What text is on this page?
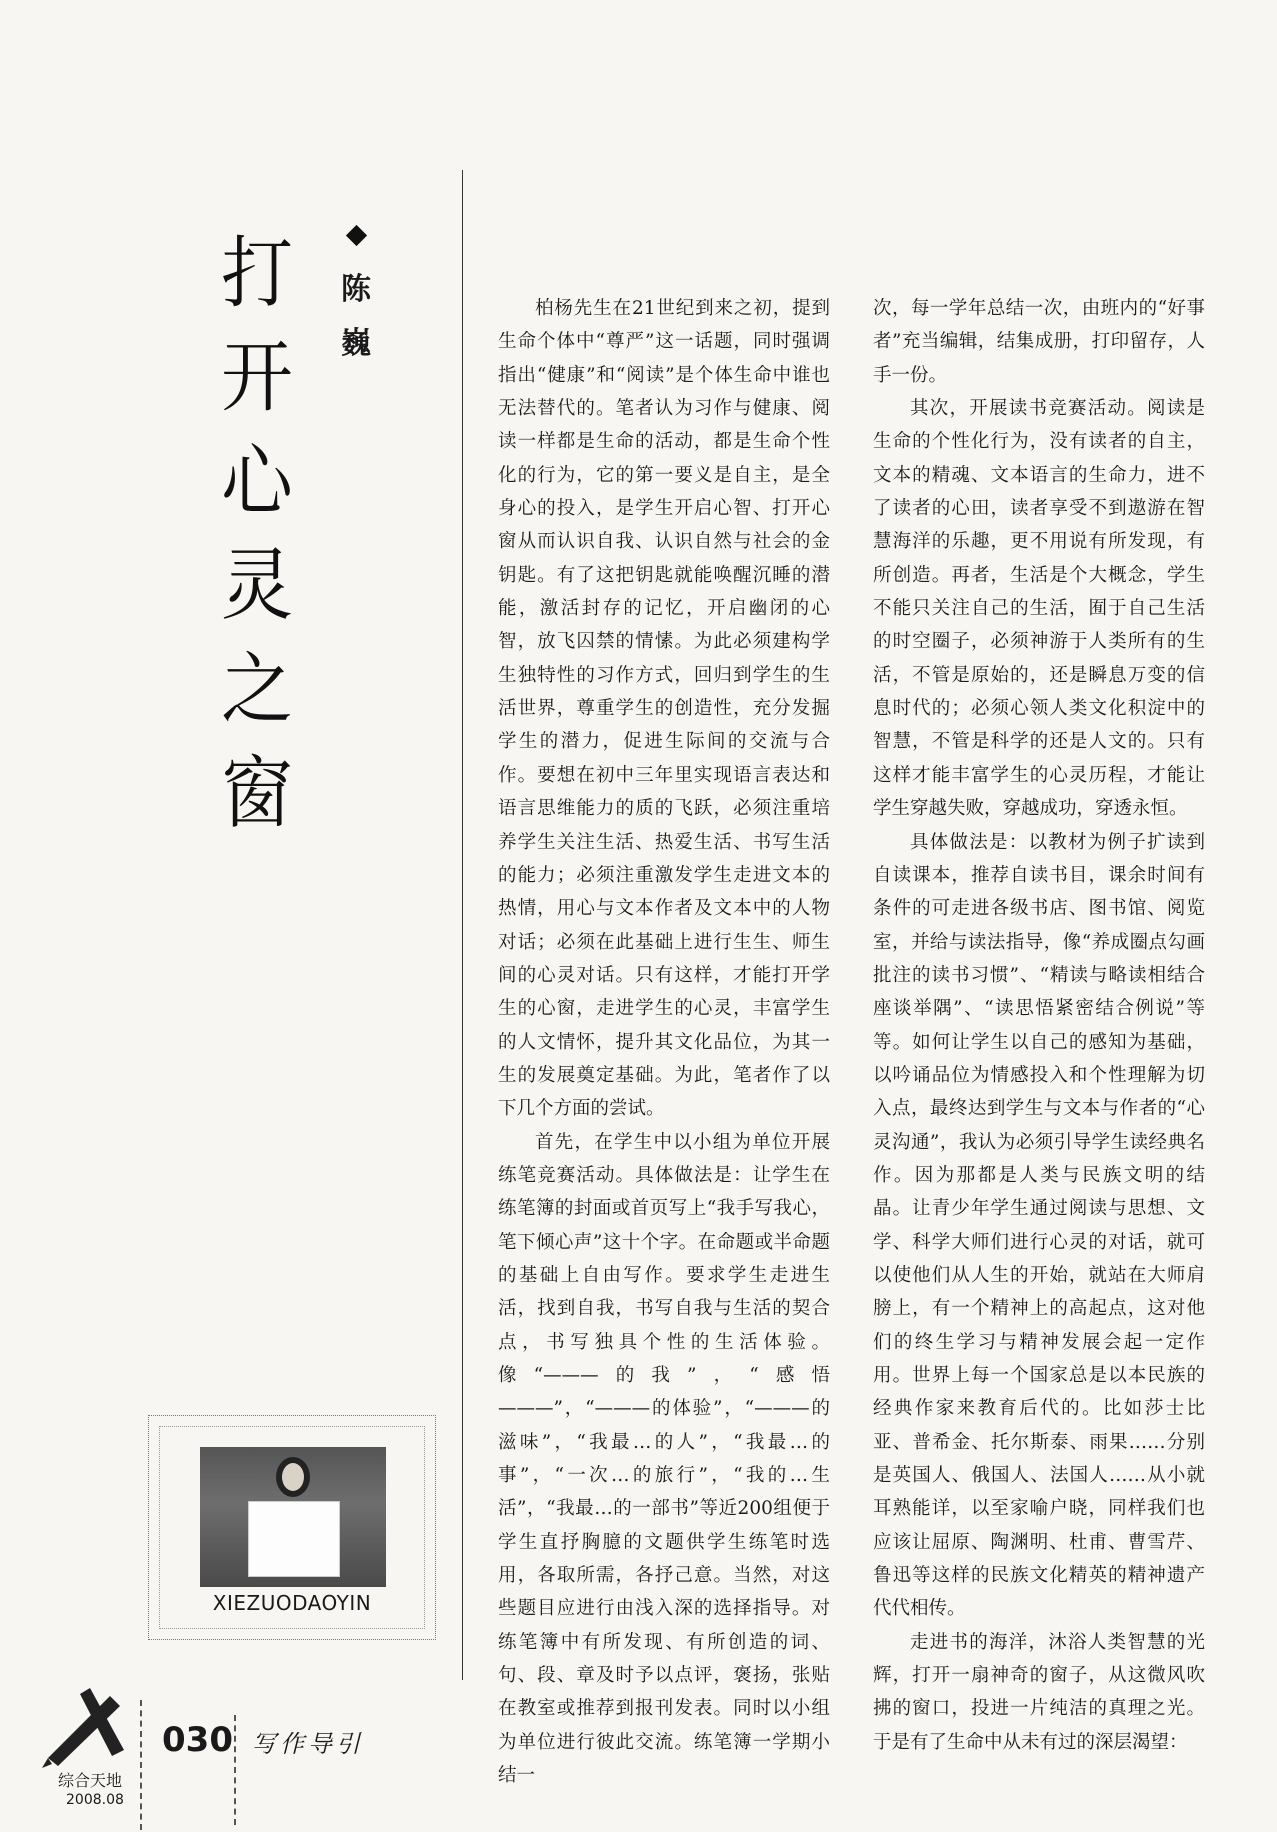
打
开
心
灵
之
窗
陈
巍

柏杨先生在21世纪到来之初，提到生命个体中“尊严”这一话题，同时强调指出“健康”和“阅读”是个体生命中谁也无法替代的。笔者认为习作与健康、阅读一样都是生命的活动，都是生命个性化的行为，它的第一要义是自主，是全身心的投入，是学生开启心智、打开心窗从而认识自我、认识自然与社会的金钥匙。有了这把钥匙就能唤醒沉睡的潜能，激活封存的记忆，开启幽闭的心智，放飞囚禁的情愫。为此必须建构学生独特性的习作方式，回归到学生的生活世界，尊重学生的创造性，充分发掘学生的潜力，促进生际间的交流与合作。要想在初中三年里实现语言表达和语言思维能力的质的飞跃，必须注重培养学生关注生活、热爱生活、书写生活的能力；必须注重激发学生走进文本的热情，用心与文本作者及文本中的人物对话；必须在此基础上进行生生、师生间的心灵对话。只有这样，才能打开学生的心窗，走进学生的心灵，丰富学生的人文情怀，提升其文化品位，为其一生的发展奠定基础。为此，笔者作了以下几个方面的尝试。

首先，在学生中以小组为单位开展练笔竞赛活动。具体做法是：让学生在练笔簿的封面或首页写上“我手写我心，笔下倾心声”这十个字。在命题或半命题的基础上自由写作。要求学生走进生活，找到自我，书写自我与生活的契合点，书写独具个性的生活体验。像“———的我”，“感悟———”，“———的体验”，“———的滋味”，“我最…的人”，“我最…的事”，“一次…的旅行”，“我的…生活”，“我最…的一部书”等近200组便于学生直抒胸臆的文题供学生练笔时选用，各取所需，各抒己意。当然，对这些题目应进行由浅入深的选择指导。对练笔簿中有所发现、有所创造的词、句、段、章及时予以点评，褒扬，张贴在教室或推荐到报刊发表。同时以小组为单位进行彼此交流。练笔簿一学期小结一

次，每一学年总结一次，由班内的“好事者”充当编辑，结集成册，打印留存，人手一份。

其次，开展读书竞赛活动。阅读是生命的个性化行为，没有读者的自主，文本的精魂、文本语言的生命力，进不了读者的心田，读者享受不到遨游在智慧海洋的乐趣，更不用说有所发现，有所创造。再者，生活是个大概念，学生不能只关注自己的生活，囿于自己生活的时空圈子，必须神游于人类所有的生活，不管是原始的，还是瞬息万变的信息时代的；必须心领人类文化积淀中的智慧，不管是科学的还是人文的。只有这样才能丰富学生的心灵历程，才能让学生穿越失败，穿越成功，穿透永恒。

具体做法是：以教材为例子扩读到自读课本，推荐自读书目，课余时间有条件的可走进各级书店、图书馆、阅览室，并给与读法指导，像“养成圈点勾画批注的读书习惯”、“精读与略读相结合座谈举隅”、“读思悟紧密结合例说”等等。如何让学生以自己的感知为基础，以吟诵品位为情感投入和个性理解为切入点，最终达到学生与文本与作者的“心灵沟通”，我认为必须引导学生读经典名作。因为那都是人类与民族文明的结晶。让青少年学生通过阅读与思想、文学、科学大师们进行心灵的对话，就可以使他们从人生的开始，就站在大师肩膀上，有一个精神上的高起点，这对他们的终生学习与精神发展会起一定作用。世界上每一个国家总是以本民族的经典作家来教育后代的。比如莎士比亚、普希金、托尔斯泰、雨果……分别是英国人、俄国人、法国人……从小就耳熟能详，以至家喻户晓，同样我们也应该让屈原、陶渊明、杜甫、曹雪芹、鲁迅等这样的民族文化精英的精神遗产代代相传。

走进书的海洋，沐浴人类智慧的光辉，打开一扇神奇的窗子，从这微风吹拂的窗口，投进一片纯洁的真理之光。于是有了生命中从未有过的深层渴望：

XIEZUODAOYIN
030 写作导引
综合天地
2008.08
